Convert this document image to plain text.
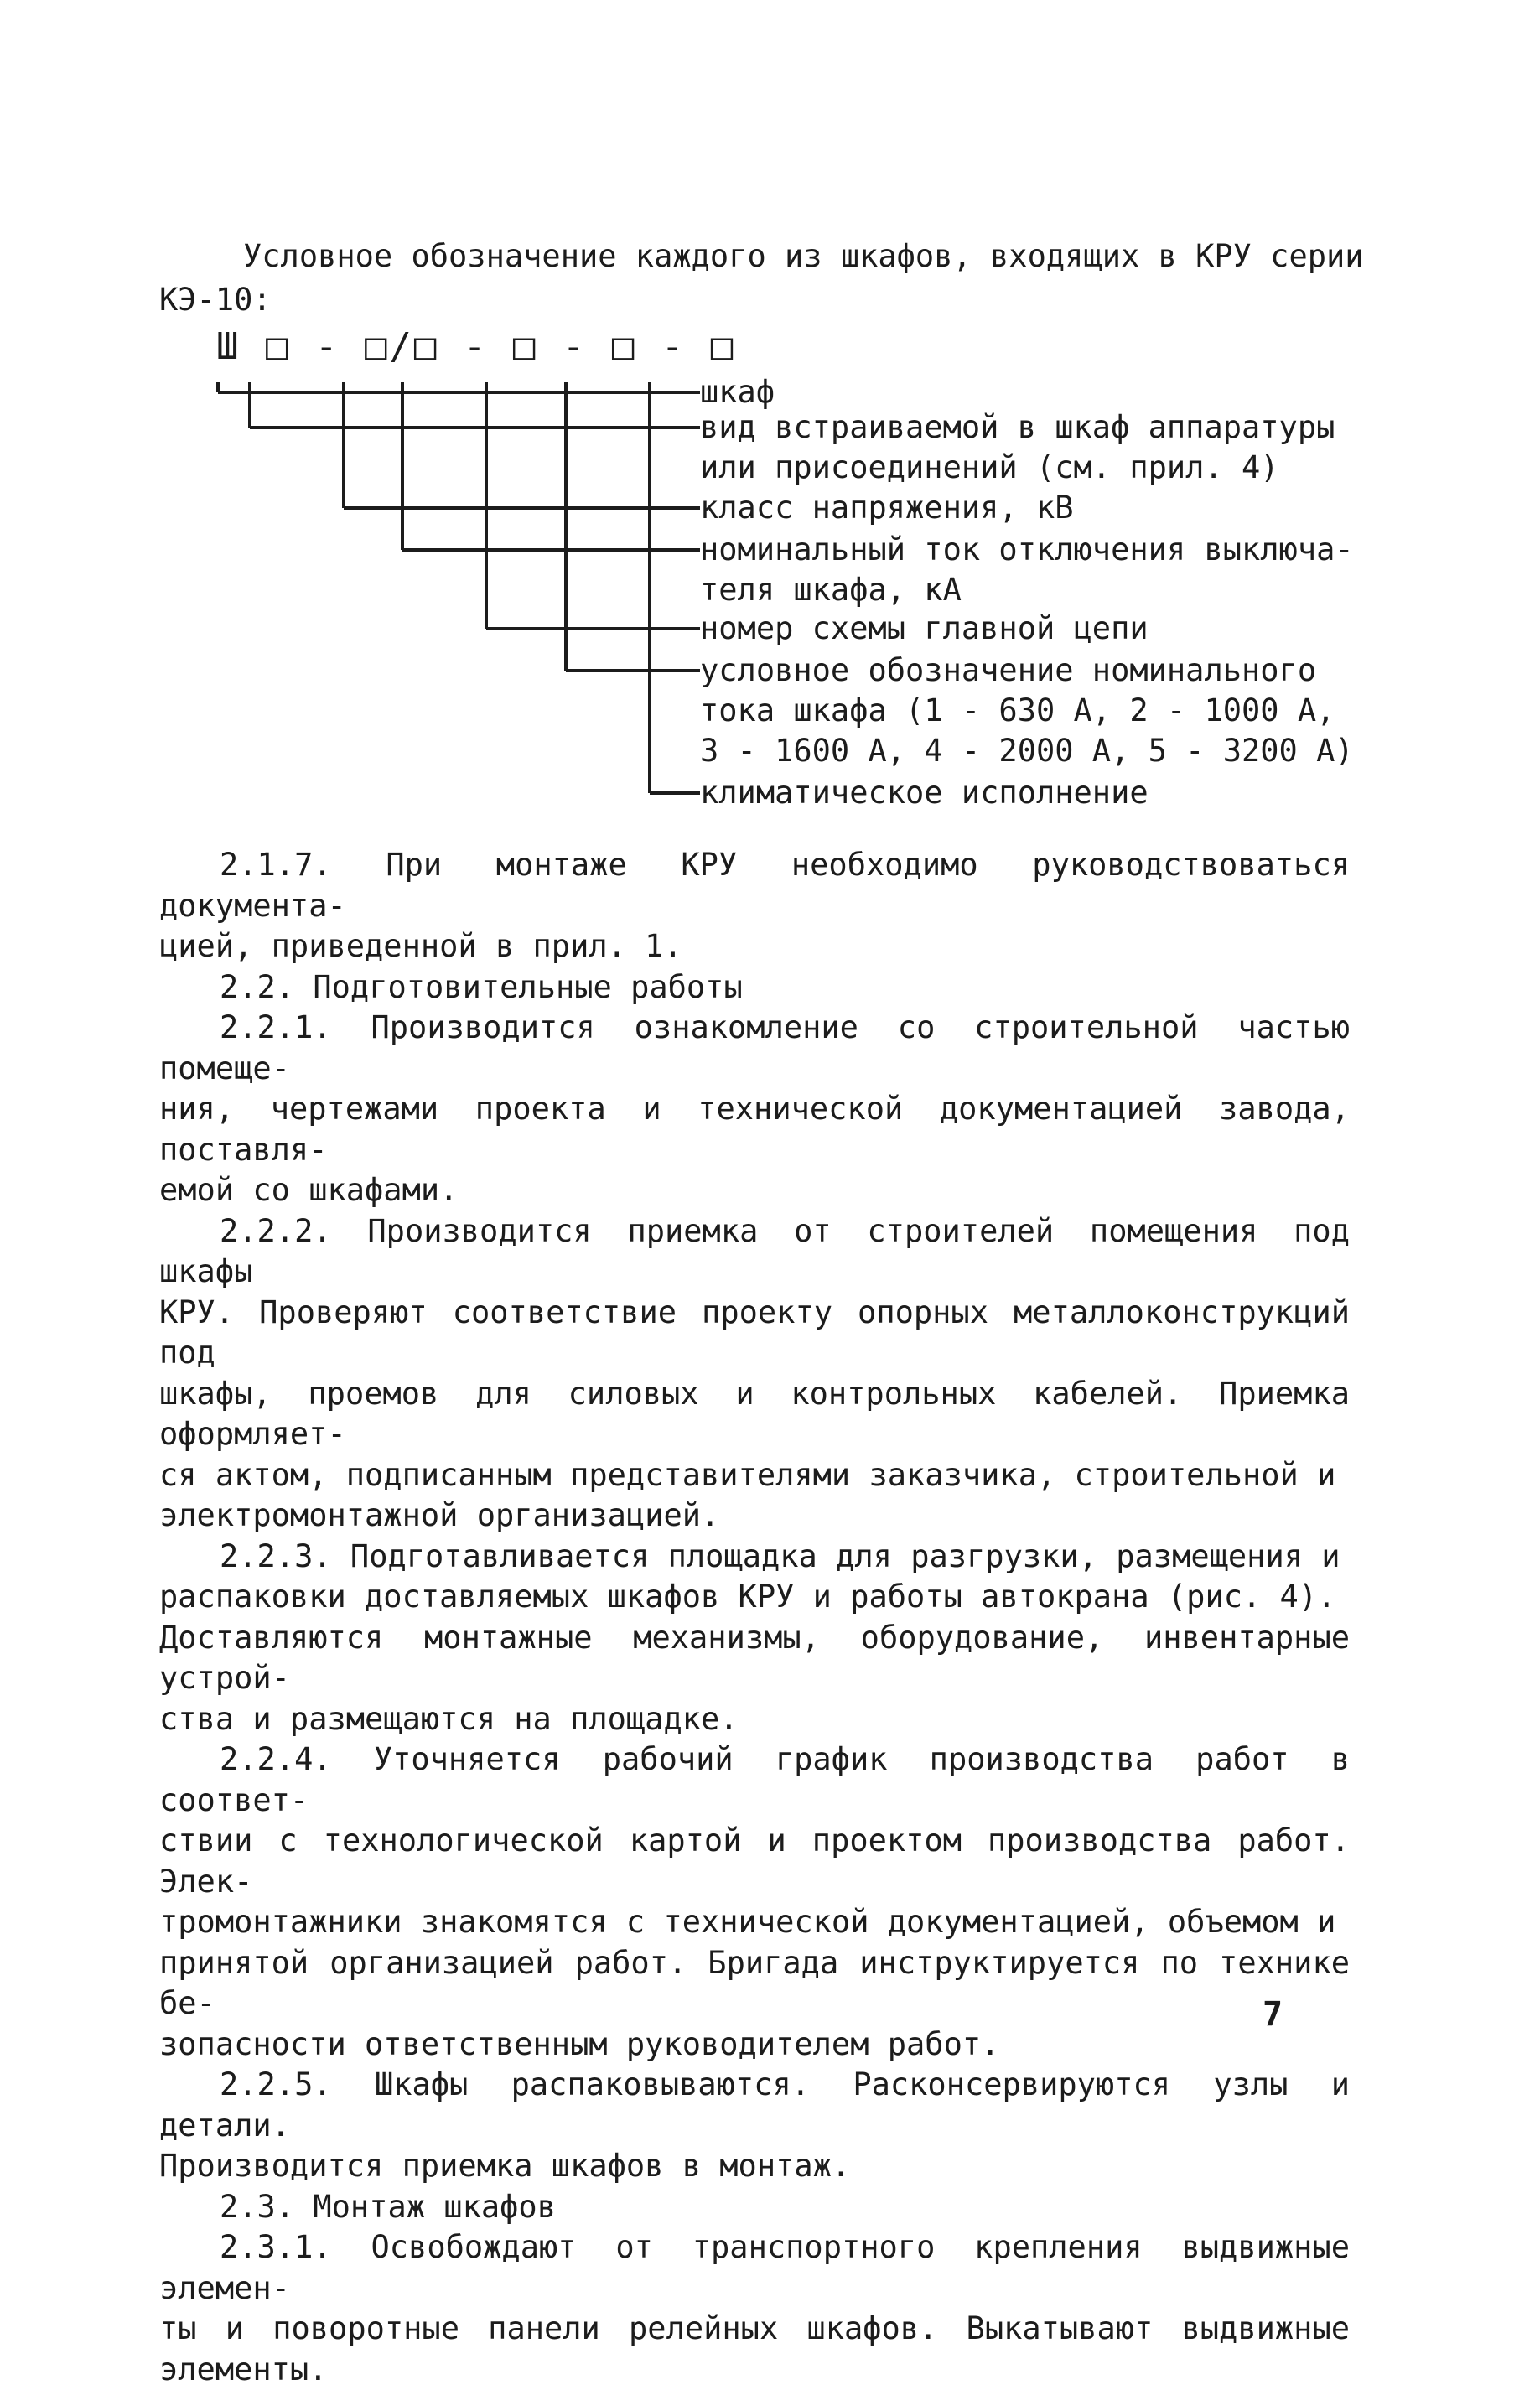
Условное обозначение каждого из шкафов, входящих в КРУ серии
КЭ-10:

Ш □ - □/□ - □ - □ - □
шкаф
вид встраиваемой в шкаф аппаратуры
или присоединений (см. прил. 4)
класс напряжения, кВ
номинальный ток отключения выключа-
теля шкафа, кА
номер схемы главной цепи
условное обозначение номинального
тока шкафа (1 - 630 А, 2 - 1000 А,
3 - 1600 А, 4 - 2000 А, 5 - 3200 А)
климатическое исполнение

2.1.7. При монтаже КРУ необходимо руководствоваться документа-

цией, приведенной в прил. 1.

2.2. Подготовительные работы

2.2.1. Производится ознакомление со строительной частью помеще-

ния, чертежами проекта и технической документацией завода, поставля-

емой со шкафами.

2.2.2. Производится приемка от строителей помещения под шкафы

КРУ. Проверяют соответствие проекту опорных металлоконструкций под

шкафы, проемов для силовых и контрольных кабелей. Приемка оформляет-

ся актом, подписанным представителями заказчика, строительной и

электромонтажной организацией.

2.2.3. Подготавливается площадка для разгрузки, размещения и

распаковки доставляемых шкафов КРУ и работы автокрана (рис. 4).

Доставляются монтажные механизмы, оборудование, инвентарные устрой-

ства и размещаются на площадке.

2.2.4. Уточняется рабочий график производства работ в соответ-

ствии с технологической картой и проектом производства работ. Элек-

тромонтажники знакомятся с технической документацией, объемом и

принятой организацией работ. Бригада инструктируется по технике бе-

зопасности ответственным руководителем работ.

2.2.5. Шкафы распаковываются. Расконсервируются узлы и детали.

Производится приемка шкафов в монтаж.

2.3. Монтаж шкафов

2.3.1. Освобождают от транспортного крепления выдвижные элемен-

ты и поворотные панели релейных шкафов. Выкатывают выдвижные элементы.

7
